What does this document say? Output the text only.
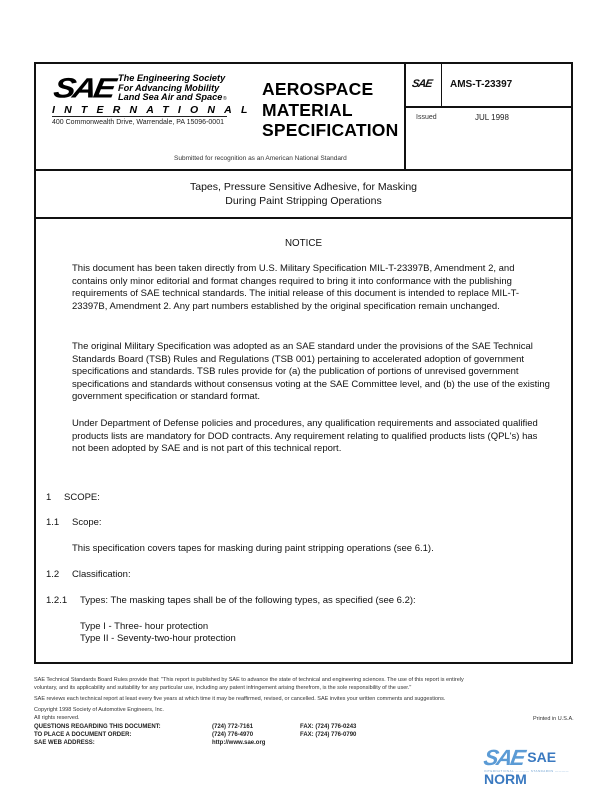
SAE The Engineering Society
For Advancing Mobility
Land Sea Air and Space ®
INTERNATIONAL
400 Commonwealth Drive, Warrendale, PA 15096-0001
AEROSPACE
MATERIAL
SPECIFICATION
Submitted for recognition as an American National Standard
SAE AMS-T-23397
Issued	JUL 1998
Tapes, Pressure Sensitive Adhesive, for Masking
During Paint Stripping Operations
NOTICE
This document has been taken directly from U.S. Military Specification MIL-T-23397B, Amendment 2, and contains only minor editorial and format changes required to bring it into conformance with the publishing requirements of SAE technical standards. The initial release of this document is intended to replace MIL-T-23397B, Amendment 2. Any part numbers established by the original specification remain unchanged.
The original Military Specification was adopted as an SAE standard under the provisions of the SAE Technical Standards Board (TSB) Rules and Regulations (TSB 001) pertaining to accelerated adoption of government specifications and standards. TSB rules provide for (a) the publication of portions of unrevised government specifications and standards without consensus voting at the SAE Committee level, and (b) the use of the existing government specification or standard format.
Under Department of Defense policies and procedures, any qualification requirements and associated qualified products lists are mandatory for DOD contracts. Any requirement relating to qualified products lists (QPL's) has not been adopted by SAE and is not part of this technical report.
1 SCOPE:
1.1 Scope:
This specification covers tapes for masking during paint stripping operations (see 6.1).
1.2 Classification:
1.2.1 Types: The masking tapes shall be of the following types, as specified (see 6.2):
Type I - Three- hour protection
Type II - Seventy-two-hour protection
SAE Technical Standards Board Rules provide that: "This report is published by SAE to advance the state of technical and engineering sciences. The use of this report is entirely
voluntary, and its applicability and suitability for any particular use, including any patent infringement arising therefrom, is the sole responsibility of the user."
SAE reviews each technical report at least every five years at which time it may be reaffirmed, revised, or cancelled. SAE invites your written comments and suggestions.
Copyright 1998 Society of Automotive Engineers, Inc.
All rights reserved.	Printed in U.S.A.
QUESTIONS REGARDING THIS DOCUMENT:
TO PLACE A DOCUMENT ORDER:
SAE WEB ADDRESS:
(724) 772-7161
(724) 776-4970
http://www.sae.org
FAX: (724) 776-0243
FAX: (724) 776-0790
SAE SAE NORM
INTERNATIONAL ———— STANDARDS ————
